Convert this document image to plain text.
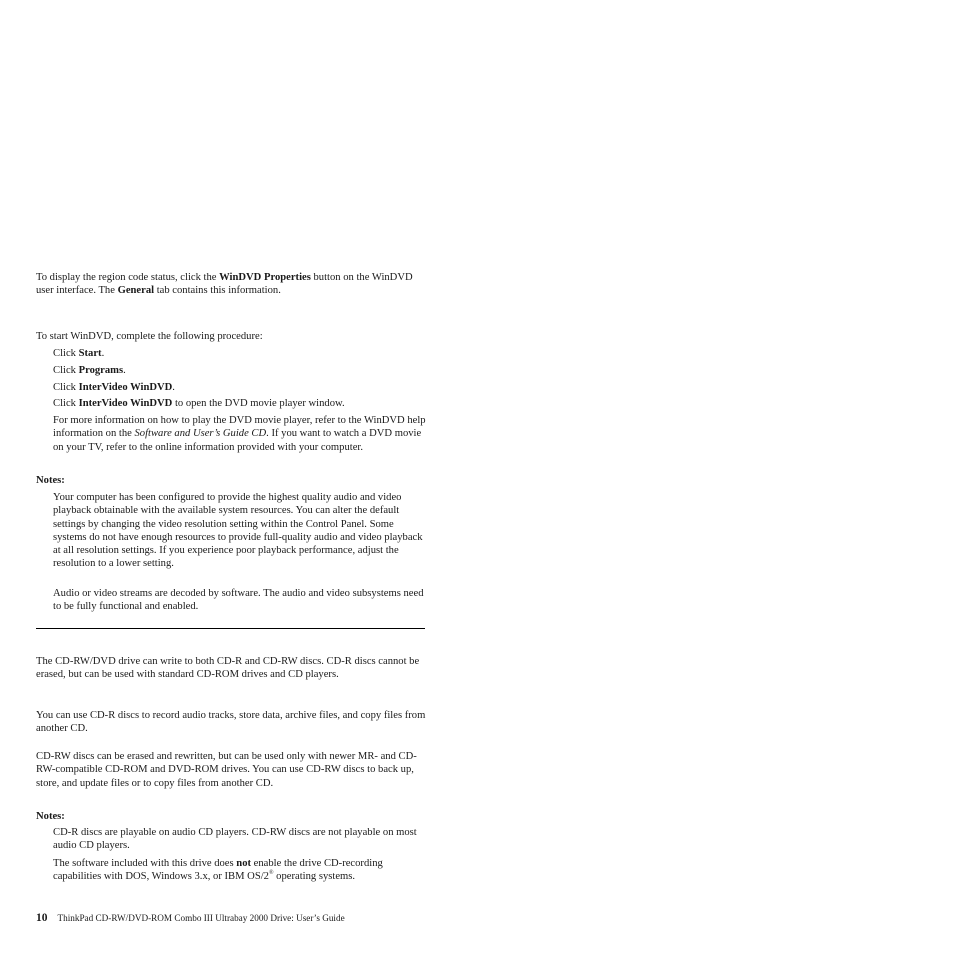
To display the region code status, click the WinDVD Properties button on the WinDVD user interface. The General tab contains this information.

To start WinDVD, complete the following procedure:

Click Start.

Click Programs.

Click InterVideo WinDVD.

Click InterVideo WinDVD to open the DVD movie player window.

For more information on how to play the DVD movie player, refer to the WinDVD help information on the Software and User’s Guide CD. If you want to watch a DVD movie on your TV, refer to the online information provided with your computer.

Notes:

Your computer has been configured to provide the highest quality audio and video playback obtainable with the available system resources. You can alter the default settings by changing the video resolution setting within the Control Panel. Some systems do not have enough resources to provide full-quality audio and video playback at all resolution settings. If you experience poor playback performance, adjust the resolution to a lower setting.

Audio or video streams are decoded by software. The audio and video subsystems need to be fully functional and enabled.

The CD-RW/DVD drive can write to both CD-R and CD-RW discs. CD-R discs cannot be erased, but can be used with standard CD-ROM drives and CD players.

You can use CD-R discs to record audio tracks, store data, archive files, and copy files from another CD.

CD-RW discs can be erased and rewritten, but can be used only with newer MR- and CD-RW-compatible CD-ROM and DVD-ROM drives. You can use CD-RW discs to back up, store, and update files or to copy files from another CD.

Notes:

CD-R discs are playable on audio CD players. CD-RW discs are not playable on most audio CD players.

The software included with this drive does not enable the drive CD-recording capabilities with DOS, Windows 3.x, or IBM OS/2® operating systems.

10 ThinkPad CD-RW/DVD-ROM Combo III Ultrabay 2000 Drive: User’s Guide
